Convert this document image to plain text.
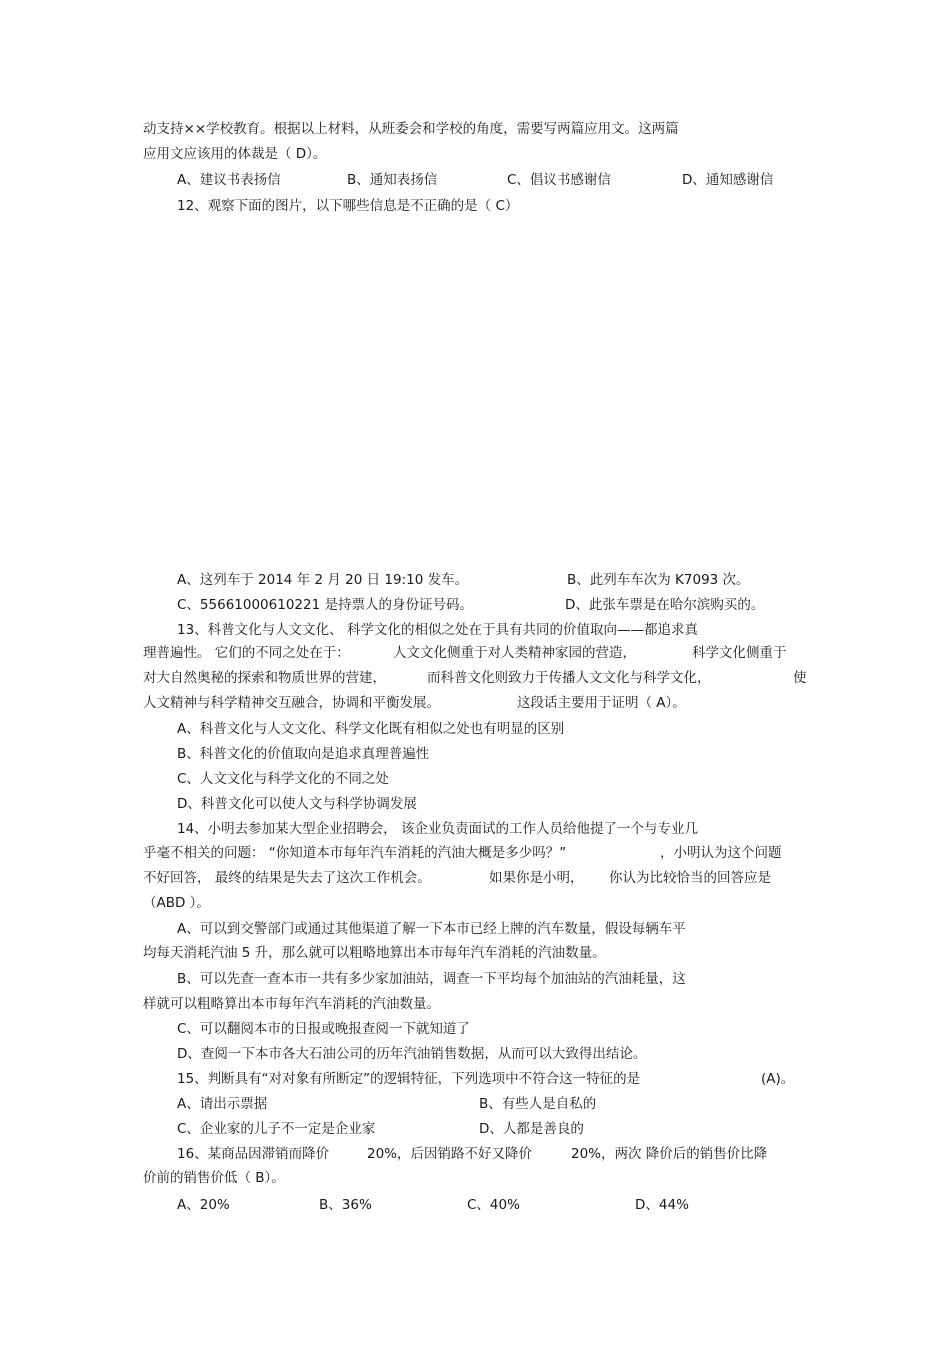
动支持××学校教育。根据以上材料，从班委会和学校的角度，需要写两篇应用文。这两篇
应用文应该用的体裁是（ D）。
A、建议书表扬信	B、通知表扬信	C、倡议书感谢信	D、通知感谢信
12、观察下面的图片，以下哪些信息是不正确的是（ C）
A、这列车于 2014 年 2 月 20 日 19:10 发车。	B、此列车车次为 K7093 次。
C、55661000610221 是持票人的身份证号码。	D、此张车票是在哈尔滨购买的。
13、科普文化与人文文化、 科学文化的相似之处在于具有共同的价值取向——都追求真
理普遍性。 它们的不同之处在于：	人文文化侧重于对人类精神家园的营造，	科学文化侧重于
对大自然奥秘的探索和物质世界的营建，	而科普文化则致力于传播人文文化与科学文化，	使
人文精神与科学精神交互融合，协调和平衡发展。	这段话主要用于证明（ A）。
A、科普文化与人文文化、科学文化既有相似之处也有明显的区别
B、科普文化的价值取向是追求真理普遍性
C、人文文化与科学文化的不同之处
D、科普文化可以使人文与科学协调发展
14、小明去参加某大型企业招聘会， 该企业负责面试的工作人员给他提了一个与专业几
乎毫不相关的问题： “你知道本市每年汽车消耗的汽油大概是多少吗？”	，小明认为这个问题
不好回答， 最终的结果是失去了这次工作机会。	如果你是小明， 你认为比较恰当的回答应是
（ABD ）。
A、可以到交警部门或通过其他渠道了解一下本市已经上牌的汽车数量，假设每辆车平
均每天消耗汽油 5 升，那么就可以粗略地算出本市每年汽车消耗的汽油数量。
B、可以先查一查本市一共有多少家加油站，调查一下平均每个加油站的汽油耗量，这
样就可以粗略算出本市每年汽车消耗的汽油数量。
C、可以翻阅本市的日报或晚报查阅一下就知道了
D、查阅一下本市各大石油公司的历年汽油销售数据，从而可以大致得出结论。
15、判断具有“对对象有所断定”的逻辑特征，下列选项中不符合这一特征的是	(A)。
A、请出示票据	B、有些人是自私的
C、企业家的儿子不一定是企业家	D、人都是善良的
16、某商品因滞销而降价	20%，后因销路不好又降价	20%，两次 降价后的销售价比降
价前的销售价低（ B）。
A、20%	B、36%	C、40%	D、44%
